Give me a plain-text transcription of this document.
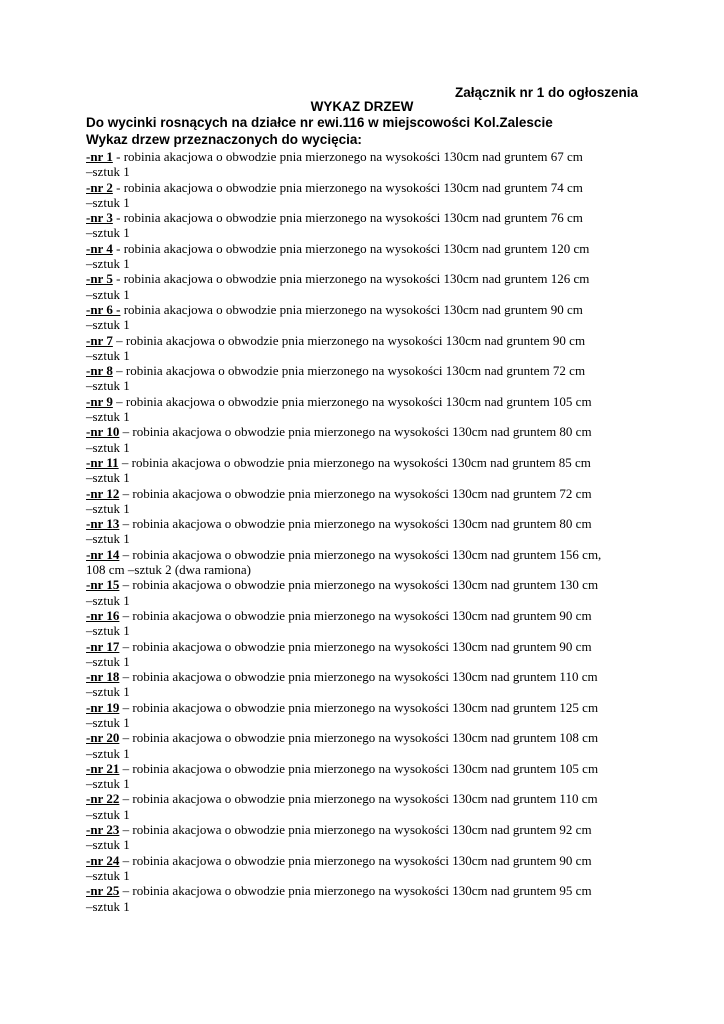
Załącznik nr 1 do ogłoszenia
WYKAZ DRZEW
Do wycinki rosnących na działce nr ewi.116 w miejscowości Kol.Zalescie
Wykaz drzew przeznaczonych do wycięcia:
-nr 1 - robinia akacjowa o obwodzie pnia mierzonego na wysokości 130cm nad gruntem 67 cm
–sztuk 1
-nr 2 - robinia akacjowa o obwodzie pnia mierzonego na wysokości 130cm nad gruntem 74 cm
–sztuk 1
-nr 3 - robinia akacjowa o obwodzie pnia mierzonego na wysokości 130cm nad gruntem 76 cm
–sztuk 1
-nr 4 - robinia akacjowa o obwodzie pnia mierzonego na wysokości 130cm nad gruntem 120 cm
–sztuk 1
-nr 5 - robinia akacjowa o obwodzie pnia mierzonego na wysokości 130cm nad gruntem 126 cm
–sztuk 1
-nr 6 - robinia akacjowa o obwodzie pnia mierzonego na wysokości 130cm nad gruntem 90 cm
–sztuk 1
-nr 7 – robinia akacjowa o obwodzie pnia mierzonego na wysokości 130cm nad gruntem 90 cm
–sztuk 1
-nr 8 – robinia akacjowa o obwodzie pnia mierzonego na wysokości 130cm nad gruntem 72 cm
–sztuk 1
-nr 9 – robinia akacjowa o obwodzie pnia mierzonego na wysokości 130cm nad gruntem 105 cm
–sztuk 1
-nr 10 – robinia akacjowa o obwodzie pnia mierzonego na wysokości 130cm nad gruntem 80 cm
–sztuk 1
-nr 11 – robinia akacjowa o obwodzie pnia mierzonego na wysokości 130cm nad gruntem 85 cm
–sztuk 1
-nr 12 – robinia akacjowa o obwodzie pnia mierzonego na wysokości 130cm nad gruntem 72 cm
–sztuk 1
-nr 13 – robinia akacjowa o obwodzie pnia mierzonego na wysokości 130cm nad gruntem 80 cm
–sztuk 1
-nr 14 – robinia akacjowa o obwodzie pnia mierzonego na wysokości 130cm nad gruntem 156 cm,
108 cm –sztuk 2 (dwa ramiona)
-nr 15 – robinia akacjowa o obwodzie pnia mierzonego na wysokości 130cm nad gruntem 130 cm
–sztuk 1
-nr 16 – robinia akacjowa o obwodzie pnia mierzonego na wysokości 130cm nad gruntem 90 cm
–sztuk 1
-nr 17 – robinia akacjowa o obwodzie pnia mierzonego na wysokości 130cm nad gruntem 90 cm
–sztuk 1
-nr 18 – robinia akacjowa o obwodzie pnia mierzonego na wysokości 130cm nad gruntem 110 cm
–sztuk 1
-nr 19 – robinia akacjowa o obwodzie pnia mierzonego na wysokości 130cm nad gruntem 125 cm
–sztuk 1
-nr 20 – robinia akacjowa o obwodzie pnia mierzonego na wysokości 130cm nad gruntem 108 cm
–sztuk 1
-nr 21 – robinia akacjowa o obwodzie pnia mierzonego na wysokości 130cm nad gruntem 105 cm
–sztuk 1
-nr 22 – robinia akacjowa o obwodzie pnia mierzonego na wysokości 130cm nad gruntem 110 cm
–sztuk 1
-nr 23 – robinia akacjowa o obwodzie pnia mierzonego na wysokości 130cm nad gruntem 92 cm
–sztuk 1
-nr 24 – robinia akacjowa o obwodzie pnia mierzonego na wysokości 130cm nad gruntem 90 cm
–sztuk 1
-nr 25 – robinia akacjowa o obwodzie pnia mierzonego na wysokości 130cm nad gruntem 95 cm
–sztuk 1
